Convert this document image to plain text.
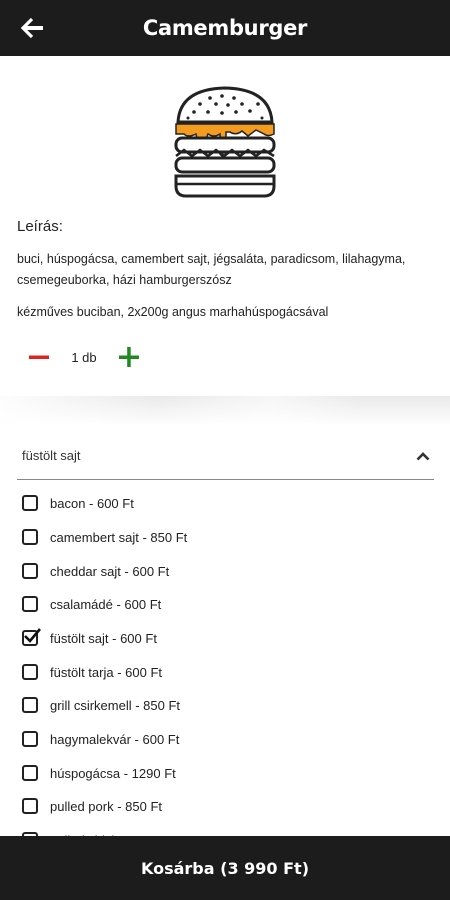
Camemburger
Leírás:
buci, húspogácsa, camembert sajt, jégsaláta, paradicsom, lilahagyma, csemegeuborka, házi hamburgerszósz
kézműves buciban, 2x200g angus marhahúspogácsával
1 db
füstölt sajt
bacon - 600 Ft
camembert sajt - 850 Ft
cheddar sajt - 600 Ft
csalamádé - 600 Ft
füstölt sajt - 600 Ft
füstölt tarja - 600 Ft
grill csirkemell - 850 Ft
hagymalekvár - 600 Ft
húspogácsa - 1290 Ft
pulled pork - 850 Ft
Kosárba (3 990 Ft)
